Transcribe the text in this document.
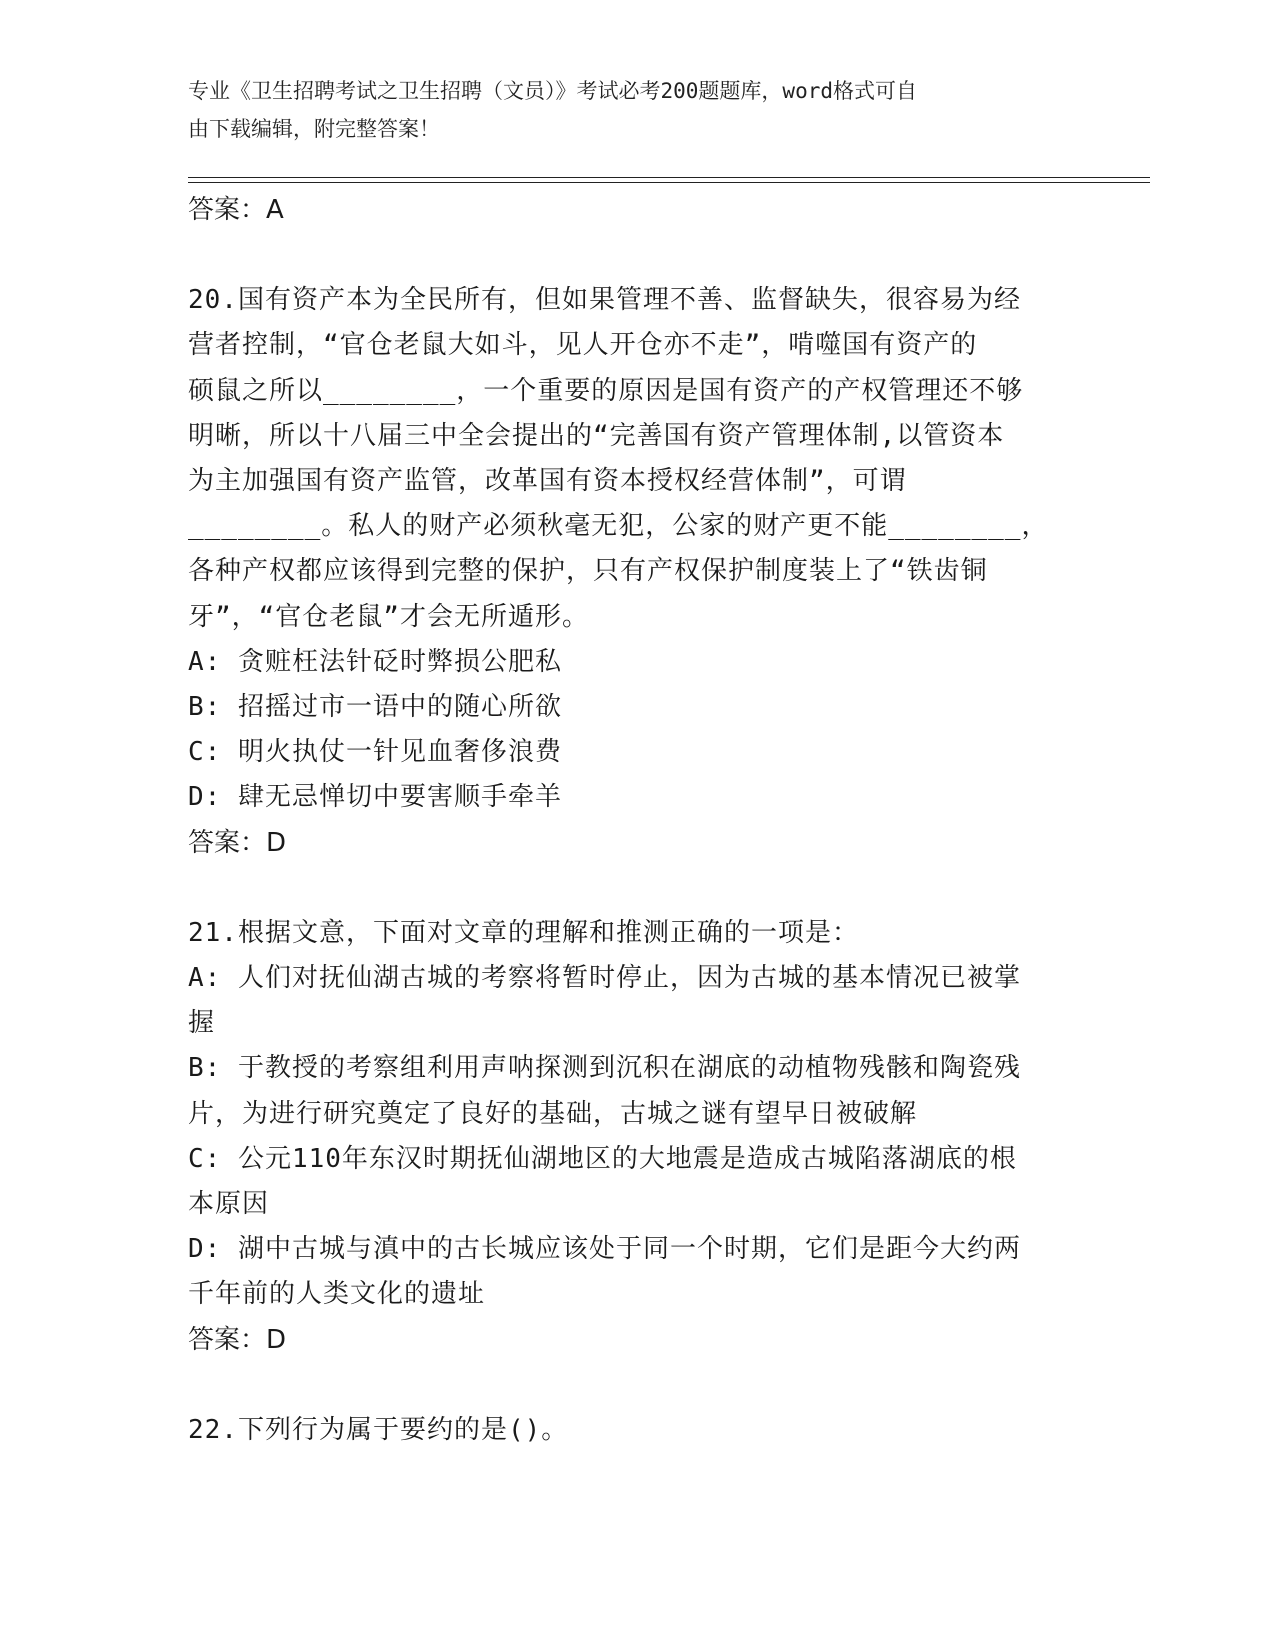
专业《卫生招聘考试之卫生招聘（文员）》考试必考200题题库，word格式可自
由下载编辑，附完整答案！
答案：A
20.国有资产本为全民所有，但如果管理不善、监督缺失，很容易为经
营者控制，“官仓老鼠大如斗，见人开仓亦不走”，啃噬国有资产的
硕鼠之所以________，一个重要的原因是国有资产的产权管理还不够
明晰，所以十八届三中全会提出的“完善国有资产管理体制,以管资本
为主加强国有资产监管，改革国有资本授权经营体制”，可谓
________。私人的财产必须秋毫无犯，公家的财产更不能________，
各种产权都应该得到完整的保护，只有产权保护制度装上了“铁齿铜
牙”，“官仓老鼠”才会无所遁形。
A: 贪赃枉法针砭时弊损公肥私
B: 招摇过市一语中的随心所欲
C: 明火执仗一针见血奢侈浪费
D: 肆无忌惮切中要害顺手牵羊
答案：D
21.根据文意，下面对文章的理解和推测正确的一项是：
A: 人们对抚仙湖古城的考察将暂时停止，因为古城的基本情况已被掌
握
B: 于教授的考察组利用声呐探测到沉积在湖底的动植物残骸和陶瓷残
片，为进行研究奠定了良好的基础，古城之谜有望早日被破解
C: 公元110年东汉时期抚仙湖地区的大地震是造成古城陷落湖底的根
本原因
D: 湖中古城与滇中的古长城应该处于同一个时期，它们是距今大约两
千年前的人类文化的遗址
答案：D
22.下列行为属于要约的是()。
